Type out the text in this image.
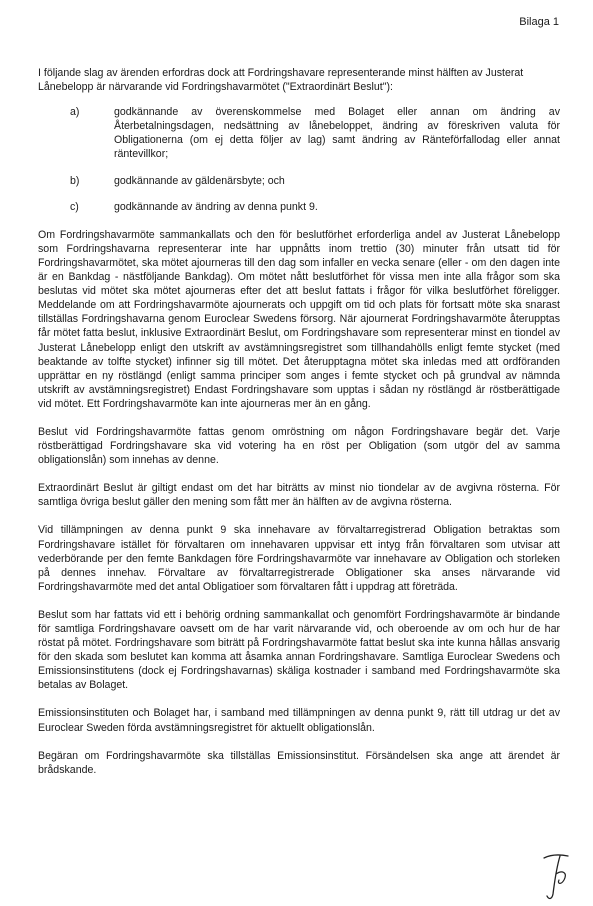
Bilaga 1

I följande slag av ärenden erfordras dock att Fordringshavare representerande minst hälften av Justerat Lånebelopp är närvarande vid Fordringshavarmötet ("Extraordinärt Beslut"):

a)	godkännande av överenskommelse med Bolaget eller annan om ändring av Återbetalningsdagen, nedsättning av lånebeloppet, ändring av föreskriven valuta för Obligationerna (om ej detta följer av lag) samt ändring av Ränteförfallodag eller annat räntevillkor;
b)	godkännande av gäldenärsbyte; och
c)	godkännande av ändring av denna punkt 9.

Om Fordringshavarmöte sammankallats och den för beslutförhet erforderliga andel av Justerat Lånebelopp som Fordringshavarna representerar inte har uppnåtts inom trettio (30) minuter från utsatt tid för Fordringshavarmötet, ska mötet ajourneras till den dag som infaller en vecka senare (eller - om den dagen inte är en Bankdag - nästföljande Bankdag). Om mötet nått beslutförhet för vissa men inte alla frågor som ska beslutas vid mötet ska mötet ajourneras efter det att beslut fattats i frågor för vilka beslutförhet föreligger. Meddelande om att Fordringshavarmöte ajournerats och uppgift om tid och plats för fortsatt möte ska snarast tillställas Fordringshavarna genom Euroclear Swedens försorg. När ajournerat Fordringshavarmöte återupptas får mötet fatta beslut, inklusive Extraordinärt Beslut, om Fordringshavare som representerar minst en tiondel av Justerat Lånebelopp enligt den utskrift av avstämningsregistret som tillhandahölls enligt femte stycket (med beaktande av tolfte stycket) infinner sig till mötet. Det återupptagna mötet ska inledas med att ordföranden upprättar en ny röstlängd (enligt samma principer som anges i femte stycket och på grundval av nämnda utskrift av avstämningsregistret) Endast Fordringshavare som upptas i sådan ny röstlängd är röstberättigade vid mötet. Ett Fordringshavarmöte kan inte ajourneras mer än en gång.

Beslut vid Fordringshavarmöte fattas genom omröstning om någon Fordringshavare begär det. Varje röstberättigad Fordringshavare ska vid votering ha en röst per Obligation (som utgör del av samma obligationslån) som innehas av denne.

Extraordinärt Beslut är giltigt endast om det har biträtts av minst nio tiondelar av de avgivna rösterna. För samtliga övriga beslut gäller den mening som fått mer än hälften av de avgivna rösterna.

Vid tillämpningen av denna punkt 9 ska innehavare av förvaltarregistrerad Obligation betraktas som Fordringshavare istället för förvaltaren om innehavaren uppvisar ett intyg från förvaltaren som utvisar att vederbörande per den femte Bankdagen före Fordringshavarmöte var innehavare av Obligation och storleken på dennes innehav. Förvaltare av förvaltarregistrerade Obligationer ska anses närvarande vid Fordringshavarmöte med det antal Obligatioer som förvaltaren fått i uppdrag att företräda.

Beslut som har fattats vid ett i behörig ordning sammankallat och genomfört Fordringshavarmöte är bindande för samtliga Fordringshavare oavsett om de har varit närvarande vid, och oberoende av om och hur de har röstat på mötet. Fordringshavare som biträtt på Fordringshavarmöte fattat beslut ska inte kunna hållas ansvarig för den skada som beslutet kan komma att åsamka annan Fordringshavare. Samtliga Euroclear Swedens och Emissionsinstitutens (dock ej Fordringshavarnas) skäliga kostnader i samband med Fordringshavarmöte ska betalas av Bolaget.

Emissionsinstituten och Bolaget har, i samband med tillämpningen av denna punkt 9, rätt till utdrag ur det av Euroclear Sweden förda avstämningsregistret för aktuellt obligationslån.

Begäran om Fordringshavarmöte ska tillställas Emissionsinstitut. Försändelsen ska ange att ärendet är brådskande.
